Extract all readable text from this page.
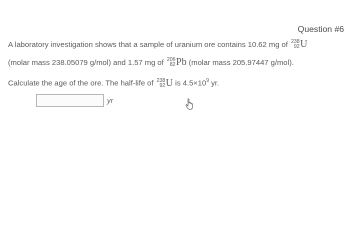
Question #6
A laboratory investigation shows that a sample of uranium ore contains 10.62 mg of 238
92 U
(molar mass 238.05079 g/mol) and 1.57 mg of 206
82 Pb (molar mass 205.97447 g/mol).
Calculate the age of the ore. The half-life of 238
92 U is $4.5\times 10^9$ yr.
yr
